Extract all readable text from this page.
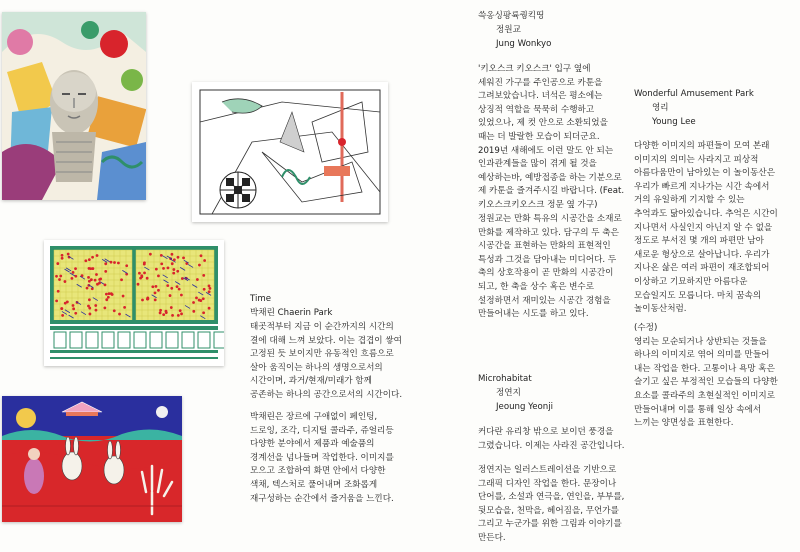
Time
박채린 Chaerin Park
태곳적부터 지금 이 순간까지의 시간의
결에 대해 느껴 보았다. 이는 겹겹이 쌓여
고정된 듯 보이지만 유동적인 흐름으로
살아 움직이는 하나의 생명으로서의
시간이며, 과거/현재/미래가 함께
공존하는 하나의 공간으로서의 시간이다.
박채린은 장르에 구애없이 페인팅,
드로잉, 조각, 디지털 콜라주, 쥬얼리등
다양한 분야에서 제품과 예술품의
경계선을 넘나들며 작업한다. 이미지를
모으고 조합하여 화면 안에서 다양한
색채, 텍스처로 풀어내며 조화롭게
재구성하는 순간에서 즐거움을 느낀다.
쓱옹싱팡륙퀑킥띵
정원교
Jung Wonkyo
'키오스크 키오스크' 입구 옆에
세워진 가구를 주인공으로 카툰을
그려보았습니다. 녀석은 평소에는
상징적 역할을 묵묵히 수행하고
있었으나, 제 컷 안으로 소환되었을
때는 더 발랄한 모습이 되더군요.
2019년 새해에도 이런 말도 안 되는
인과관계들을 많이 겪게 될 것을
예상하는바, 예방접종을 하는 기분으로
제 카툰을 즐겨주시길 바랍니다. (Feat.
키오스크키오스크 정문 옆 가구)
정원교는 만화 특유의 시공간을 소재로
만화를 제작하고 있다. 담구의 두 축은
시공간을 표현하는 만화의 표현적인
특성과 그것을 담아내는 미디어다. 두
축의 상호작용이 곧 만화의 시공간이
되고, 한 축을 상수 혹은 변수로
설정하면서 재미있는 시공간 경험을
만들어내는 시도를 하고 있다.
Microhabitat
정연지
Jeoung Yeonji
커다란 유리창 밖으로 보이던 풍경을
그렸습니다. 이제는 사라진 공간입니다.
정연지는 일러스트레이션을 기반으로
그래픽 디자인 작업을 한다. 문장이나
단어를, 소설과 연극을, 연인을, 부부를,
뒷모습을, 천막을, 헤어짐을, 무언가를
그리고 누군가를 위한 그림과 이야기를
만든다.
Wonderful Amusement Park
영리
Young Lee
다양한 이미지의 파편들이 모여 본래
이미지의 의미는 사라지고 피상적
아름다움만이 남아있는 이 놀이동산은
우리가 빠르게 지나가는 시간 속에서
거의 유일하게 기지할 수 있는
추억과도 닮아있습니다. 추억은 시간이
지나면서 사실인지 아닌지 알 수 없을
정도로 부서진 몇 개의 파편만 남아
새로운 형상으로 살아납니다. 우리가
지나온 삶은 여러 파편이 재조합되어
이상하고 기묘하지만 아름다운
모습일지도 모릅니다. 마치 꿈속의
놀이동산처럼.
(수정)
영리는 모순되거나 상반되는 것들을
하나의 이미지로 엮어 의미를 만들어
내는 작업을 한다. 고통이나 욕망 혹은
슬기고 싶은 부정적인 모습들의 다양한
요소를 콜라주의 초현실적인 이미지로
만들어내며 이를 통해 일상 속에서
느끼는 양면성을 표현한다.
